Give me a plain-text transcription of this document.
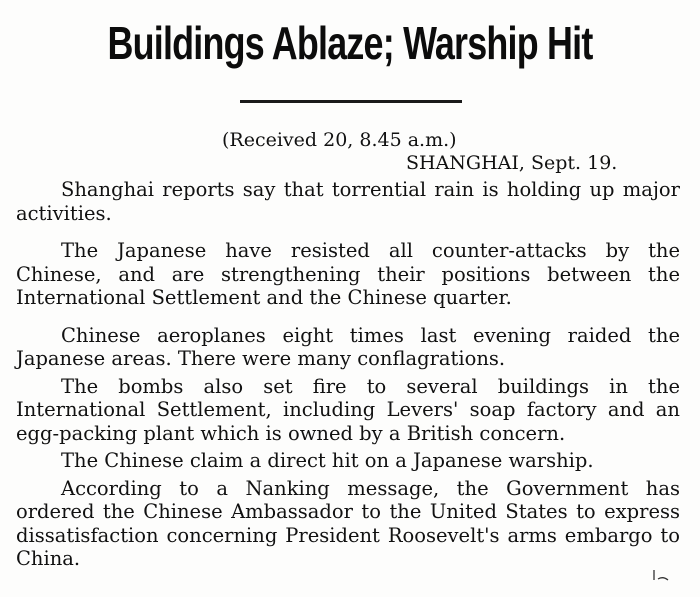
Buildings Ablaze; Warship Hit
(Received 20, 8.45 a.m.)
SHANGHAI, Sept. 19.

Shanghai reports say that torrential rain is holding up major activities.

The Japanese have resisted all counter-attacks by the Chinese, and are strengthening their positions between the International Settlement and the Chinese quarter.

Chinese aeroplanes eight times last evening raided the Japanese areas. There were many conflagrations.

The bombs also set fire to several buildings in the International Settlement, including Levers' soap factory and an egg-packing plant which is owned by a British concern.

The Chinese claim a direct hit on a Japanese warship.

According to a Nanking message, the Government has ordered the Chinese Ambassador to the United States to express dissatisfaction concerning President Roosevelt's arms embargo to China.
